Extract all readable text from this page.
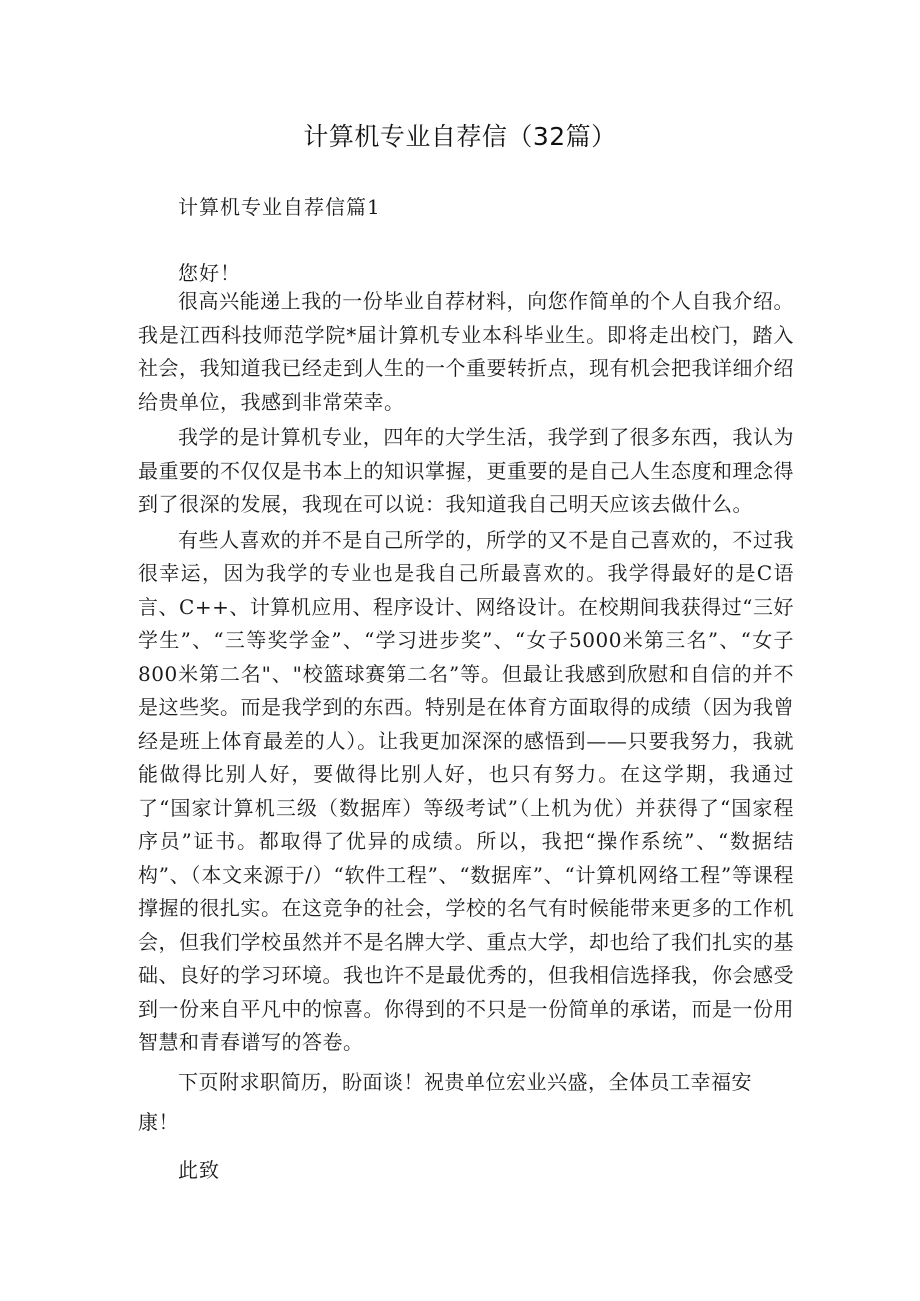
计算机专业自荐信（32篇）

计算机专业自荐信篇1

您好！

很高兴能递上我的一份毕业自荐材料，向您作简单的个人自我介绍。我是江西科技师范学院*届计算机专业本科毕业生。即将走出校门，踏入社会，我知道我已经走到人生的一个重要转折点，现有机会把我详细介绍给贵单位，我感到非常荣幸。

我学的是计算机专业，四年的大学生活，我学到了很多东西，我认为最重要的不仅仅是书本上的知识掌握，更重要的是自己人生态度和理念得到了很深的发展，我现在可以说：我知道我自己明天应该去做什么。

有些人喜欢的并不是自己所学的，所学的又不是自己喜欢的，不过我很幸运，因为我学的专业也是我自己所最喜欢的。我学得最好的是C语言、C++、计算机应用、程序设计、网络设计。在校期间我获得过“三好学生”、“三等奖学金”、“学习进步奖”、“女子5000米第三名”、“女子800米第二名"、"校篮球赛第二名”等。但最让我感到欣慰和自信的并不是这些奖。而是我学到的东西。特别是在体育方面取得的成绩（因为我曾经是班上体育最差的人）。让我更加深深的感悟到——只要我努力，我就能做得比别人好，要做得比别人好，也只有努力。在这学期，我通过了“国家计算机三级（数据库）等级考试”（上机为优）并获得了“国家程序员”证书。都取得了优异的成绩。所以，我把“操作系统”、“数据结构”、（本文来源于/）“软件工程”、“数据库”、“计算机网络工程”等课程撑握的很扎实。在这竞争的社会，学校的名气有时候能带来更多的工作机会，但我们学校虽然并不是名牌大学、重点大学，却也给了我们扎实的基础、良好的学习环境。我也许不是最优秀的，但我相信选择我，你会感受到一份来自平凡中的惊喜。你得到的不只是一份简单的承诺，而是一份用智慧和青春谱写的答卷。

下页附求职简历，盼面谈！祝贵单位宏业兴盛，全体员工幸福安

康！

此致
